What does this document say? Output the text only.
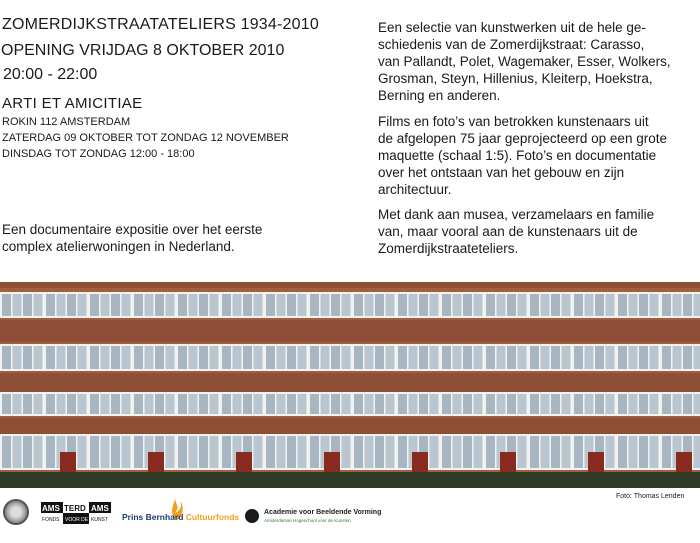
ZOMERDIJKSTRAATATELIERS 1934-2010
OPENING VRIJDAG 8 OKTOBER 2010
20:00 - 22:00
ARTI ET AMICITIAE
ROKIN 112 AMSTERDAM
ZATERDAG 09 OKTOBER TOT ZONDAG 12 NOVEMBER
DINSDAG TOT ZONDAG 12:00 - 18:00
Een documentaire expositie over het eerste complex atelierwoningen in Nederland.
Een selectie van kunstwerken uit de hele ge-
schiedenis van de Zomerdijkstraat: Carasso,
van Pallandt, Polet, Wagemaker, Esser, Wolkers,
Grosman, Steyn, Hillenius, Kleiterp, Hoekstra,
Berning en anderen.
Films en foto’s van betrokken kunstenaars uit
de afgelopen 75 jaar geprojecteerd op een grote
maquette (schaal 1:5). Foto’s en documentatie
over het ontstaan van het gebouw en zijn
architectuur.
Met dank aan musea, verzamelaars en familie
van, maar vooral aan de kunstenaars uit de
Zomerdijkstraateteliers.
Foto: Thomas Lenden
AMS TERD AMS
FONDS VOOR DE KUNST Prins Bernhard Cultuurfonds	Academie voor Beeldende Vorming
Amsterdamse Hogeschool voor de Kunsten
